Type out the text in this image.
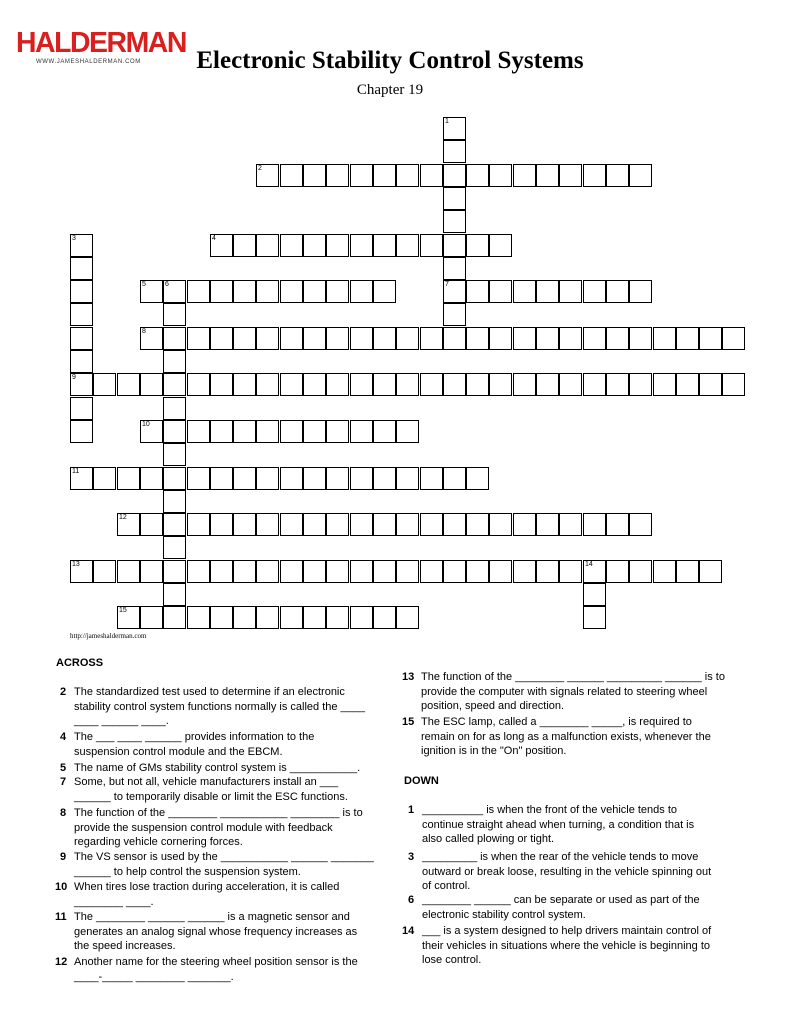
HALDERMAN
WWW.JAMESHALDERMAN.COM	Electronic Stability Control Systems
Chapter 19
2
4
5	6	7
8
9
10
11
12
13	14
15
1
3
http://jameshalderman.com
ACROSS
DOWN
2 The standardized test used to determine if an electronic
stability control system functions normally is called the ____
____ ______ ____.
4 The ___ ____ ______ provides information to the
suspension control module and the EBCM.
5 The name of GMs stability control system is ___________.
7 Some, but not all, vehicle manufacturers install an ___
______ to temporarily disable or limit the ESC functions.
8 The function of the ________ ___________ ________ is to
provide the suspension control module with feedback
regarding vehicle cornering forces.
9 The VS sensor is used by the ___________ ______ _______
______ to help control the suspension system.
10 When tires lose traction during acceleration, it is called
________ ____.
11 The ________ ______ ______ is a magnetic sensor and
generates an analog signal whose frequency increases as
the speed increases.
12 Another name for the steering wheel position sensor is the
____-_____ ________ _______.
13 The function of the ________ ______ _________ ______ is to
provide the computer with signals related to steering wheel
position, speed and direction.
15 The ESC lamp, called a ________ _____, is required to
remain on for as long as a malfunction exists, whenever the
ignition is in the "On" position.
1 __________ is when the front of the vehicle tends to
continue straight ahead when turning, a condition that is
also called plowing or tight.
3 _________ is when the rear of the vehicle tends to move
outward or break loose, resulting in the vehicle spinning out
of control.
6 ________ ______ can be separate or used as part of the
electronic stability control system.
14 ___ is a system designed to help drivers maintain control of
their vehicles in situations where the vehicle is beginning to
lose control.
